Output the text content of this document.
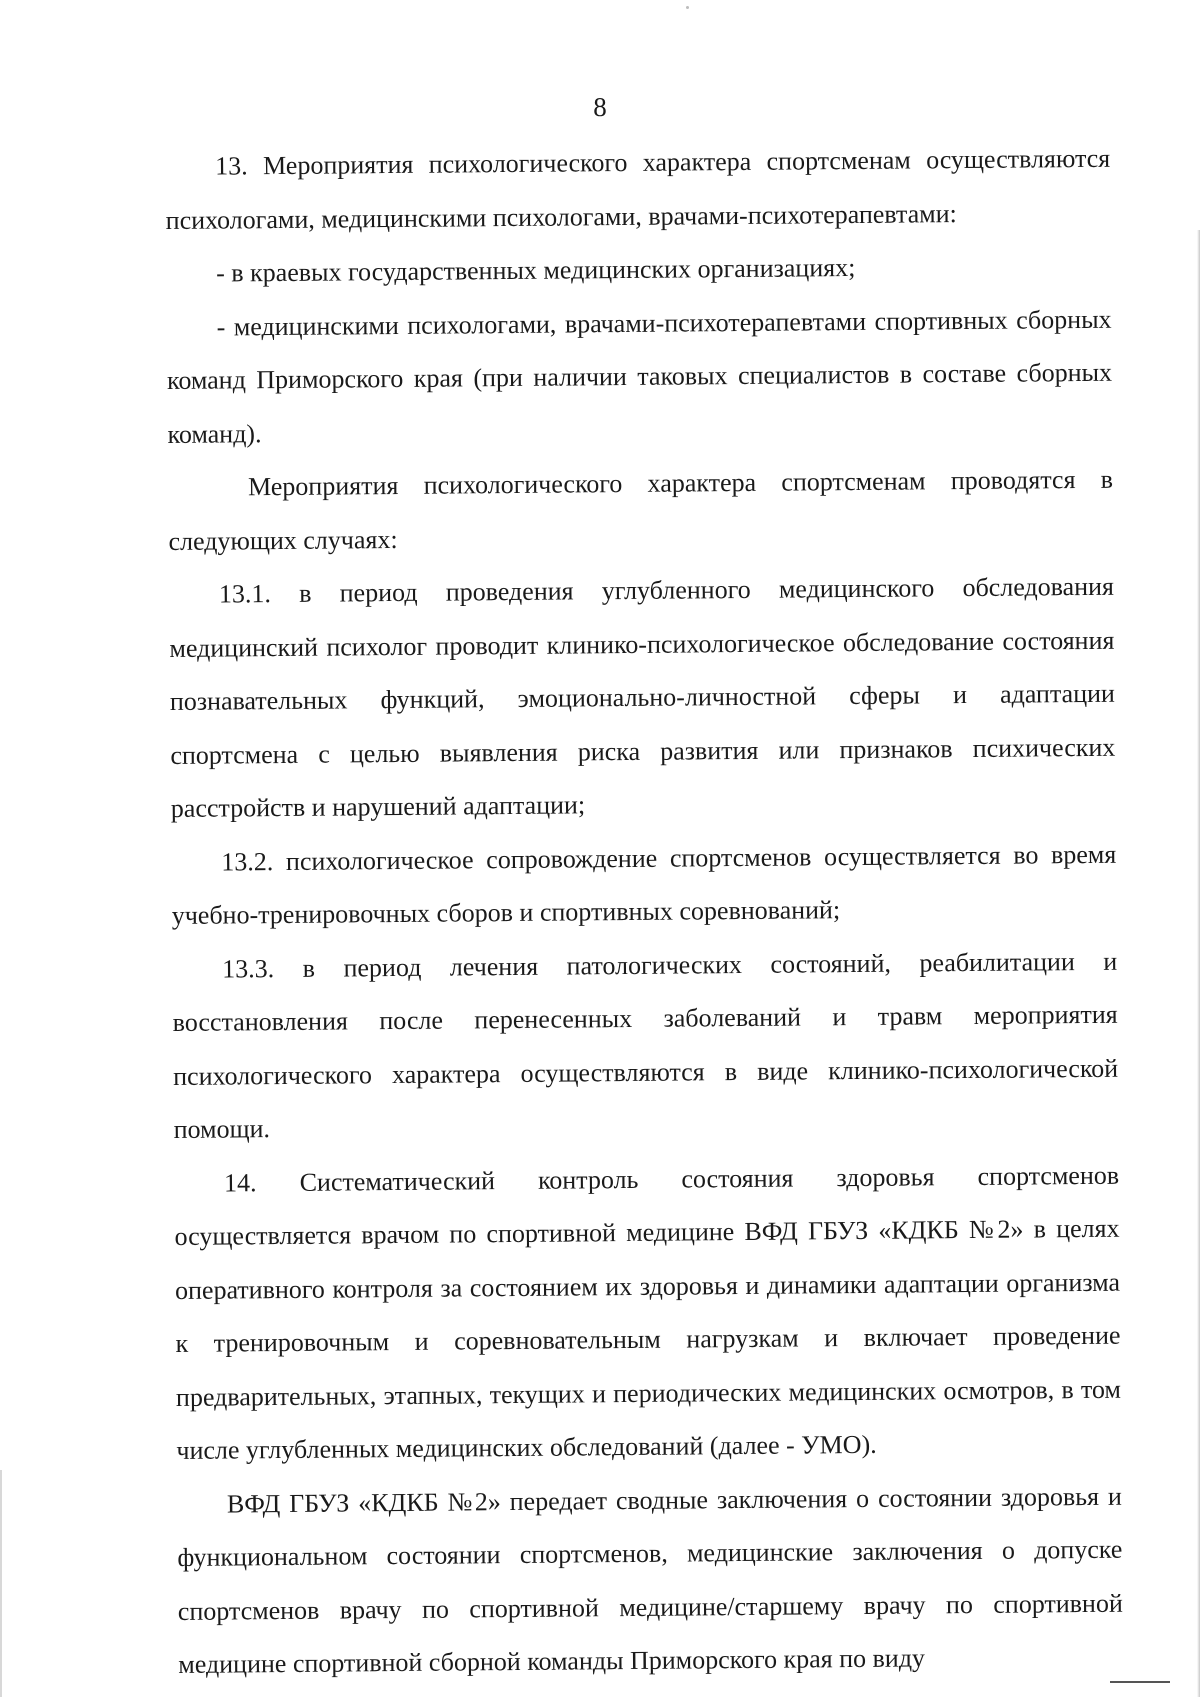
8

13. Мероприятия психологического характера спортсменам осуществляются психологами, медицинскими психологами, врачами-психотерапевтами:

- в краевых государственных медицинских организациях;

- медицинскими психологами, врачами-психотерапевтами спортивных сборных команд Приморского края (при наличии таковых специалистов в составе сборных команд).

Мероприятия психологического характера спортсменам проводятся в следующих случаях:

13.1. в период проведения углубленного медицинского обследования медицинский психолог проводит клинико-психологическое обследование состояния познавательных функций, эмоционально-личностной сферы и адаптации спортсмена с целью выявления риска развития или признаков психических расстройств и нарушений адаптации;

13.2. психологическое сопровождение спортсменов осуществляется во время учебно-тренировочных сборов и спортивных соревнований;

13.3. в период лечения патологических состояний, реабилитации и восстановления после перенесенных заболеваний и травм мероприятия психологического характера осуществляются в виде клинико-психологической помощи.

14. Систематический контроль состояния здоровья спортсменов осуществляется врачом по спортивной медицине ВФД ГБУЗ «КДКБ №2» в целях оперативного контроля за состоянием их здоровья и динамики адаптации организма к тренировочным и соревновательным нагрузкам и включает проведение предварительных, этапных, текущих и периодических медицинских осмотров, в том числе углубленных медицинских обследований (далее - УМО).

ВФД ГБУЗ «КДКБ №2» передает сводные заключения о состоянии здоровья и функциональном состоянии спортсменов, медицинские заключения о допуске спортсменов врачу по спортивной медицине/старшему врачу по спортивной медицине спортивной сборной команды Приморского края по виду
